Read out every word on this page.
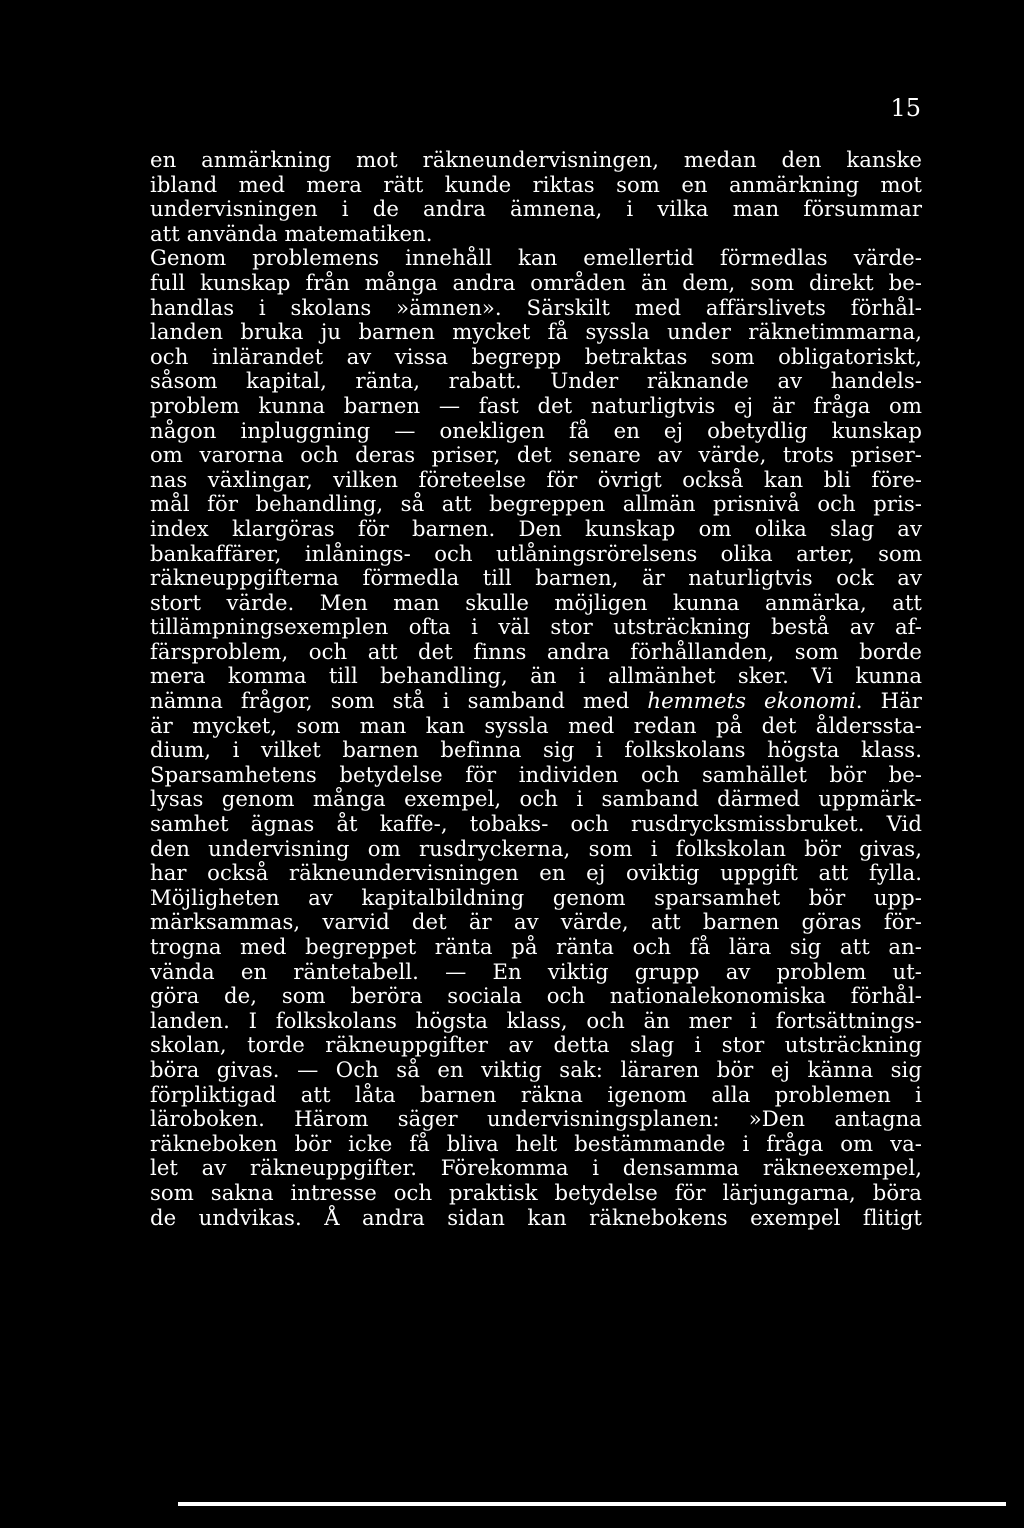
15
en anmärkning mot räkneundervisningen, medan den kanske
ibland med mera rätt kunde riktas som en anmärkning mot
undervisningen i de andra ämnena, i vilka man försummar
att använda matematiken.
Genom problemens innehåll kan emellertid förmedlas värde-
full kunskap från många andra områden än dem, som direkt be-
handlas i skolans »ämnen». Särskilt med affärslivets förhål-
landen bruka ju barnen mycket få syssla under räknetimmarna,
och inlärandet av vissa begrepp betraktas som obligatoriskt,
såsom kapital, ränta, rabatt. Under räknande av handels-
problem kunna barnen — fast det naturligtvis ej är fråga om
någon inpluggning — onekligen få en ej obetydlig kunskap
om varorna och deras priser, det senare av värde, trots priser-
nas växlingar, vilken företeelse för övrigt också kan bli före-
mål för behandling, så att begreppen allmän prisnivå och pris-
index klargöras för barnen. Den kunskap om olika slag av
bankaffärer, inlånings- och utlåningsrörelsens olika arter, som
räkneuppgifterna förmedla till barnen, är naturligtvis ock av
stort värde. Men man skulle möjligen kunna anmärka, att
tillämpningsexemplen ofta i väl stor utsträckning bestå av af-
färsproblem, och att det finns andra förhållanden, som borde
mera komma till behandling, än i allmänhet sker. Vi kunna
nämna frågor, som stå i samband med hemmets ekonomi. Här
är mycket, som man kan syssla med redan på det ålderssta-
dium, i vilket barnen befinna sig i folkskolans högsta klass.
Sparsamhetens betydelse för individen och samhället bör be-
lysas genom många exempel, och i samband därmed uppmärk-
samhet ägnas åt kaffe-, tobaks- och rusdrycksmissbruket. Vid
den undervisning om rusdryckerna, som i folkskolan bör givas,
har också räkneundervisningen en ej oviktig uppgift att fylla.
Möjligheten av kapitalbildning genom sparsamhet bör upp-
märksammas, varvid det är av värde, att barnen göras för-
trogna med begreppet ränta på ränta och få lära sig att an-
vända en räntetabell. — En viktig grupp av problem ut-
göra de, som beröra sociala och nationalekonomiska förhål-
landen. I folkskolans högsta klass, och än mer i fortsättnings-
skolan, torde räkneuppgifter av detta slag i stor utsträckning
böra givas. — Och så en viktig sak: läraren bör ej känna sig
förpliktigad att låta barnen räkna igenom alla problemen i
läroboken. Härom säger undervisningsplanen: »Den antagna
räkneboken bör icke få bliva helt bestämmande i fråga om va-
let av räkneuppgifter. Förekomma i densamma räkneexempel,
som sakna intresse och praktisk betydelse för lärjungarna, böra
de undvikas. Å andra sidan kan räknebokens exempel flitigt
